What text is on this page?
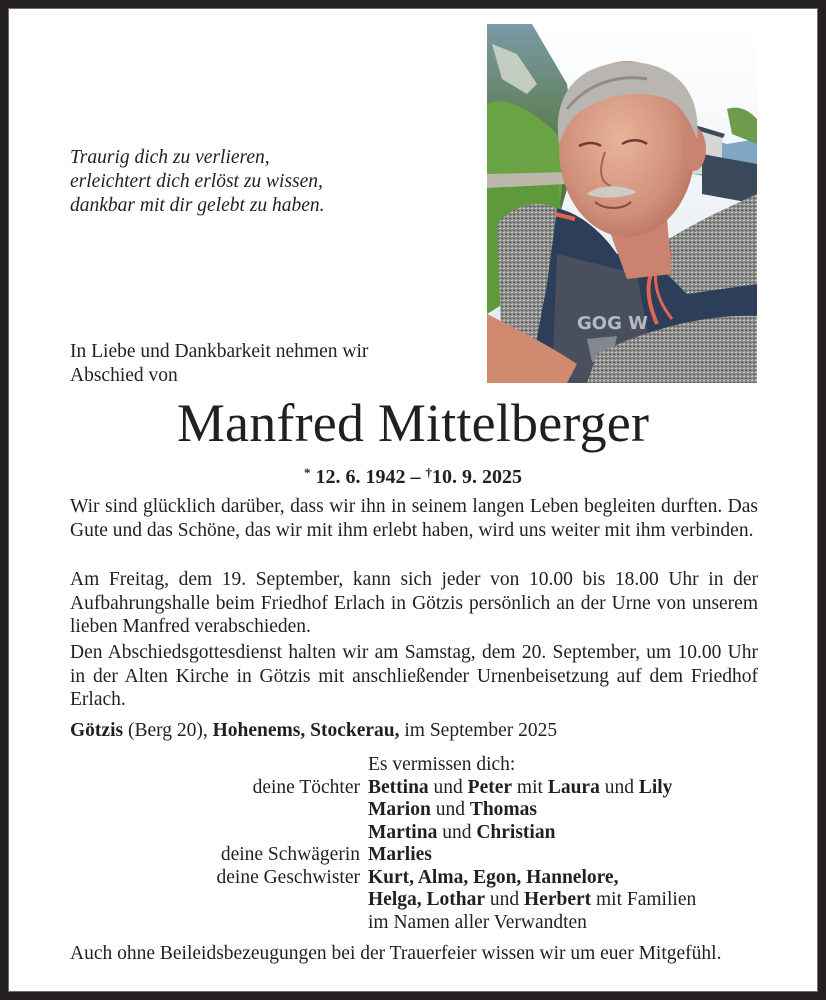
Traurig dich zu verlieren,
erleichtert dich erlöst zu wissen,
dankbar mit dir gelebt zu haben.
GOG W
In Liebe und Dankbarkeit nehmen wir
Abschied von
Manfred Mittelberger
* 12. 6. 1942 – †10. 9. 2025
Wir sind glücklich darüber, dass wir ihn in seinem langen Leben begleiten durften. Das Gute und das Schöne, das wir mit ihm erlebt haben, wird uns weiter mit ihm verbinden.
Am Freitag, dem 19. September, kann sich jeder von 10.00 bis 18.00 Uhr in der Aufbahrungshalle beim Friedhof Erlach in Götzis persönlich an der Urne von unserem lieben Manfred verabschieden.
Den Abschiedsgottesdienst halten wir am Samstag, dem 20. September, um 10.00 Uhr in der Alten Kirche in Götzis mit anschließender Urnenbeisetzung auf dem Friedhof Erlach.
Götzis (Berg 20), Hohenems, Stockerau, im September 2025
Es vermissen dich:
deine Töchter Bettina und Peter mit Laura und Lily
Marion und Thomas
Martina und Christian
deine Schwägerin Marlies
deine Geschwister Kurt, Alma, Egon, Hannelore,
Helga, Lothar und Herbert mit Familien
im Namen aller Verwandten
Auch ohne Beileidsbezeugungen bei der Trauerfeier wissen wir um euer Mitgefühl.
